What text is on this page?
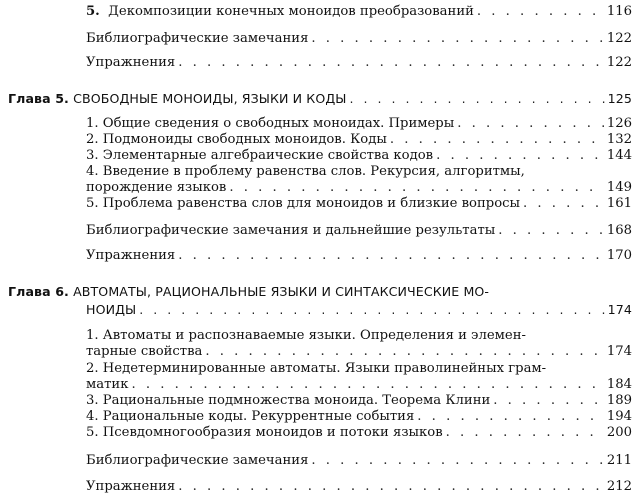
5. Декомпозиции конечных моноидов преобразований . . .	116
Библиографические замечания . . .	122
Упражнения . . .	122
Глава 5. СВОБОДНЫЕ МОНОИДЫ, ЯЗЫКИ И КОДЫ . . .	125
1. Общие сведения о свободных моноидах. Примеры . . .	126
2. Подмоноиды свободных моноидов. Коды . . .	132
3. Элементарные алгебраические свойства кодов . . .	144
4. Введение в проблему равенства слов. Рекурсия, алгоритмы,
порождение языков . . .	149
5. Проблема равенства слов для моноидов и близкие вопросы . . .	161
Библиографические замечания и дальнейшие результаты . . .	168
Упражнения . . .	170
Глава 6. АВТОМАТЫ, РАЦИОНАЛЬНЫЕ ЯЗЫКИ И СИНТАКСИЧЕСКИЕ МО-
НОИДЫ . . .	174
1. Автоматы и распознаваемые языки. Определения и элемен-
тарные свойства . . .	174
2. Недетерминированные автоматы. Языки праволинейных грам-
матик . . .	184
3. Рациональные подмножества моноида. Теорема Клини . . .	189
4. Рациональные коды. Рекуррентные события . . .	194
5. Псевдомногообразия моноидов и потоки языков . . .	200
Библиографические замечания . . .	211
Упражнения . . .	212
